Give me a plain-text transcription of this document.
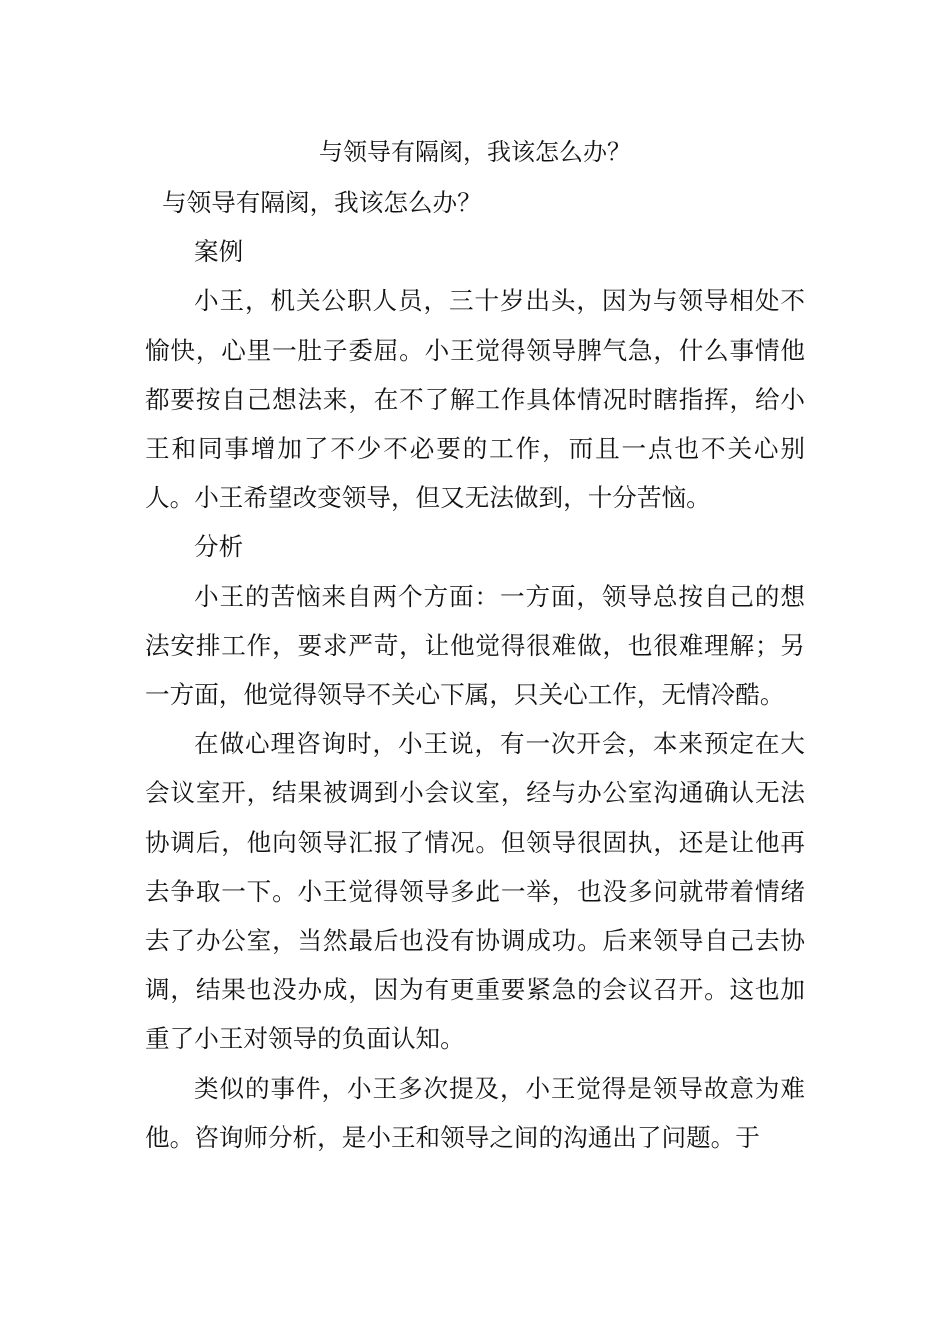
与领导有隔阂，我该怎么办？

与领导有隔阂，我该怎么办？

案例

小王，机关公职人员，三十岁出头，因为与领导相处不愉快，心里一肚子委屈。小王觉得领导脾气急，什么事情他都要按自己想法来，在不了解工作具体情况时瞎指挥，给小王和同事增加了不少不必要的工作，而且一点也不关心别人。小王希望改变领导，但又无法做到，十分苦恼。

分析

小王的苦恼来自两个方面：一方面，领导总按自己的想法安排工作，要求严苛，让他觉得很难做，也很难理解；另一方面，他觉得领导不关心下属，只关心工作，无情冷酷。

在做心理咨询时，小王说，有一次开会，本来预定在大会议室开，结果被调到小会议室，经与办公室沟通确认无法协调后，他向领导汇报了情况。但领导很固执，还是让他再去争取一下。小王觉得领导多此一举，也没多问就带着情绪去了办公室，当然最后也没有协调成功。后来领导自己去协调，结果也没办成，因为有更重要紧急的会议召开。这也加重了小王对领导的负面认知。

类似的事件，小王多次提及，小王觉得是领导故意为难他。咨询师分析，是小王和领导之间的沟通出了问题。于
